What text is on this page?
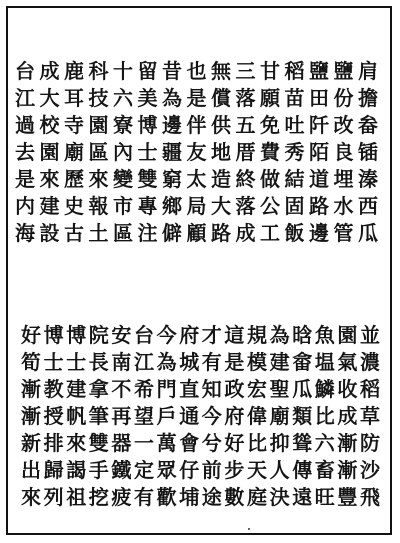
肩擔畚锸溱西瓜
鹽份改良埋水管
鹽田阡陌道路邊
稻苗吐秀結固飯
甘願免費做公工
三落五厝終落成
無償供地造大路
也是伴友太局顧
昔為邊疆窮鄉僻
留美博士雙專注
十六寮內變市區
科技園區來報土
鹿耳寺廟歷史古
成大校園來建設
台江過去是内海
並濃稻草防沙飛
園氣收成漸漸豐
魚塭鱗比六畜旺
晗畲瓜類聳傳遠
為建聖廟抑人決
規模宏偉比天庭
這是政府好步數
才有知今兮前途
府城直通會仔埔
今為門戶萬眾歡
台江希望一定有
安南不再器鐵疲
院長拿筆雙手挖
博士建帆來謁祖
博士教授排歸列
好筍漸漸新出來
